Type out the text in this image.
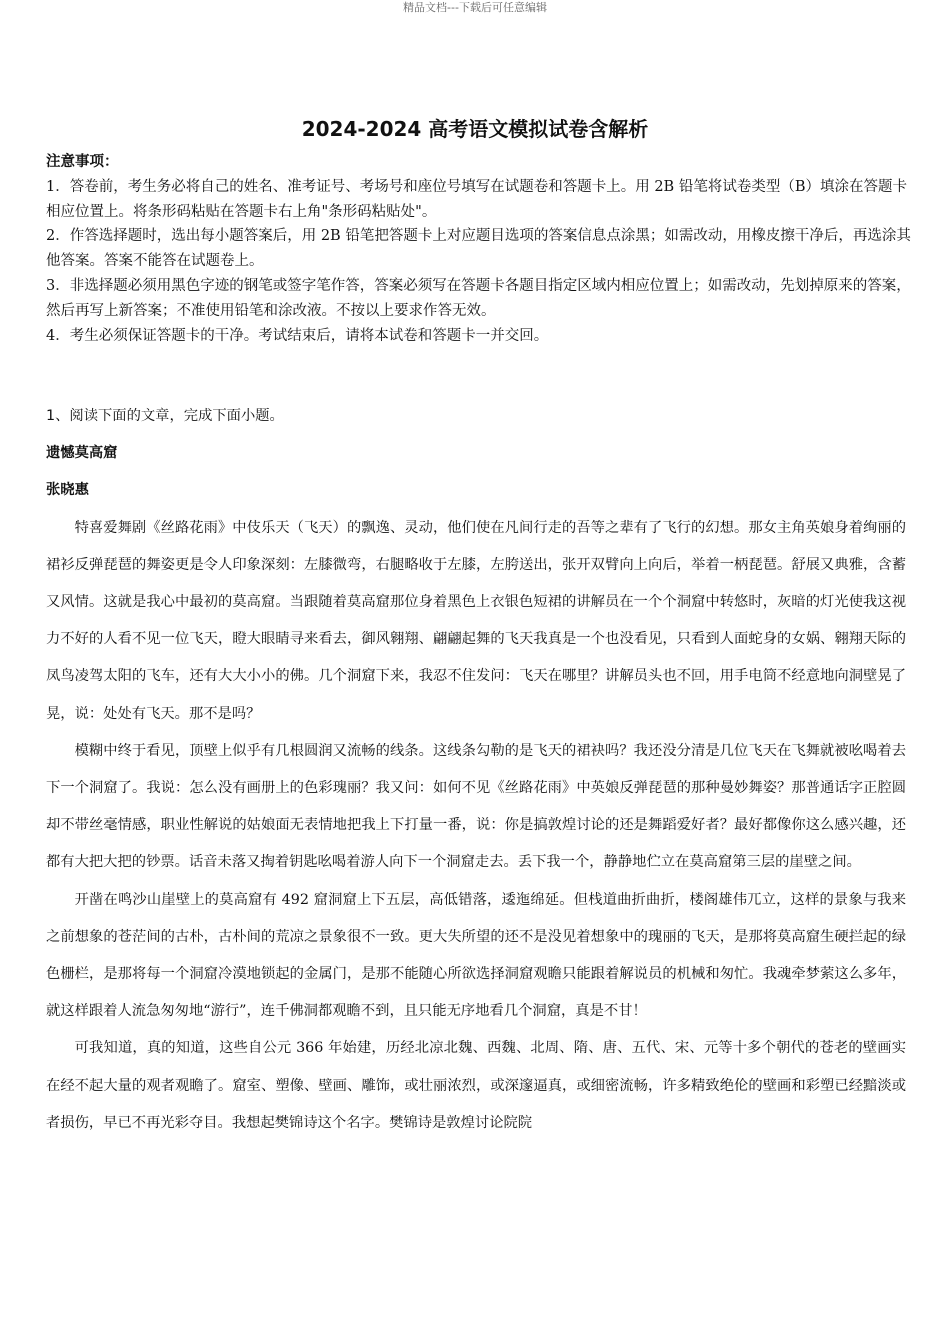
精品文档---下载后可任意编辑
2024-2024 高考语文模拟试卷含解析

注意事项：

1．答卷前，考生务必将自己的姓名、准考证号、考场号和座位号填写在试题卷和答题卡上。用 2B 铅笔将试卷类型（B）填涂在答题卡相应位置上。将条形码粘贴在答题卡右上角"条形码粘贴处"。

2．作答选择题时，选出每小题答案后，用 2B 铅笔把答题卡上对应题目选项的答案信息点涂黑；如需改动，用橡皮擦干净后，再选涂其他答案。答案不能答在试题卷上。

3．非选择题必须用黑色字迹的钢笔或签字笔作答，答案必须写在答题卡各题目指定区域内相应位置上；如需改动，先划掉原来的答案，然后再写上新答案；不准使用铅笔和涂改液。不按以上要求作答无效。

4．考生必须保证答题卡的干净。考试结束后，请将本试卷和答题卡一并交回。

1、阅读下面的文章，完成下面小题。

遗憾莫高窟

张晓惠

特喜爱舞剧《丝路花雨》中伎乐天（飞天）的飘逸、灵动，他们使在凡间行走的吾等之辈有了飞行的幻想。那女主角英娘身着绚丽的裙衫反弹琵琶的舞姿更是令人印象深刻：左膝微弯，右腿略收于左膝，左胯送出，张开双臂向上向后，举着一柄琵琶。舒展又典雅，含蓄又风情。这就是我心中最初的莫高窟。当跟随着莫高窟那位身着黑色上衣银色短裙的讲解员在一个个洞窟中转悠时，灰暗的灯光使我这视力不好的人看不见一位飞天，瞪大眼睛寻来看去，御风翱翔、翩翩起舞的飞天我真是一个也没看见，只看到人面蛇身的女娲、翱翔天际的凤鸟凌驾太阳的飞车，还有大大小小的佛。几个洞窟下来，我忍不住发问：飞天在哪里？讲解员头也不回，用手电筒不经意地向洞壁晃了晃，说：处处有飞天。那不是吗？

模糊中终于看见，顶壁上似乎有几根圆润又流畅的线条。这线条勾勒的是飞天的裙袂吗？我还没分清是几位飞天在飞舞就被吆喝着去下一个洞窟了。我说：怎么没有画册上的色彩瑰丽？我又问：如何不见《丝路花雨》中英娘反弹琵琶的那种曼妙舞姿？那普通话字正腔圆却不带丝毫情感，职业性解说的姑娘面无表情地把我上下打量一番，说：你是搞敦煌讨论的还是舞蹈爱好者？最好都像你这么感兴趣，还都有大把大把的钞票。话音未落又掏着钥匙吆喝着游人向下一个洞窟走去。丢下我一个，静静地伫立在莫高窟第三层的崖壁之间。

开凿在鸣沙山崖壁上的莫高窟有 492 窟洞窟上下五层，高低错落，逶迤绵延。但栈道曲折曲折，楼阁雄伟兀立，这样的景象与我来之前想象的苍茫间的古朴，古朴间的荒凉之景象很不一致。更大失所望的还不是没见着想象中的瑰丽的飞天，是那将莫高窟生硬拦起的绿色栅栏，是那将每一个洞窟冷漠地锁起的金属门，是那不能随心所欲选择洞窟观瞻只能跟着解说员的机械和匆忙。我魂牵梦萦这么多年，就这样跟着人流急匆匆地“游行”，连千佛洞都观瞻不到，且只能无序地看几个洞窟，真是不甘！

可我知道，真的知道，这些自公元 366 年始建，历经北凉北魏、西魏、北周、隋、唐、五代、宋、元等十多个朝代的苍老的壁画实在经不起大量的观者观瞻了。窟室、塑像、壁画、雕饰，或壮丽浓烈，或深邃逼真，或细密流畅，许多精致绝伦的壁画和彩塑已经黯淡或者损伤，早已不再光彩夺目。我想起樊锦诗这个名字。樊锦诗是敦煌讨论院院
